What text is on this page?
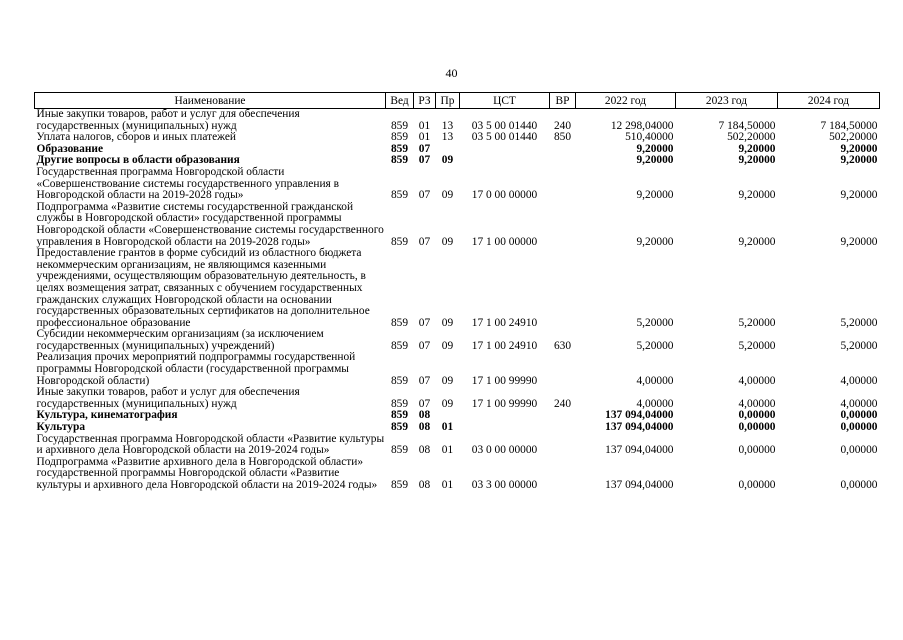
40
Наименование	Вед	РЗ	Пр	ЦСТ	ВР	2022 год	2023 год	2024 год
Иные закупки товаров, работ и услуг для обеспечения государственных (муниципальных) нужд	859	01	13	03 5 00 01440	240	12 298,04000	7 184,50000	7 184,50000
Уплата налогов, сборов и иных платежей	859	01	13	03 5 00 01440	850	510,40000	502,20000	502,20000
Образование	859	07				9,20000	9,20000	9,20000
Другие вопросы в области образования	859	07	09			9,20000	9,20000	9,20000
Государственная программа Новгородской области «Совершенствование системы государственного управления в Новгородской области на 2019-2028 годы»	859	07	09	17 0 00 00000		9,20000	9,20000	9,20000
Подпрограмма «Развитие системы государственной гражданской службы в Новгородской области» государственной программы Новгородской области «Совершенствование системы государственного управления в Новгородской области на 2019-2028 годы»	859	07	09	17 1 00 00000		9,20000	9,20000	9,20000
Предоставление грантов в форме субсидий из областного бюджета некоммерческим организациям, не являющимся казенными учреждениями, осуществляющим образовательную деятельность, в целях возмещения затрат, связанных с обучением государственных гражданских служащих Новгородской области на основании государственных образовательных сертификатов на дополнительное профессиональное образование	859	07	09	17 1 00 24910		5,20000	5,20000	5,20000
Субсидии некоммерческим организациям (за исключением государственных (муниципальных) учреждений)	859	07	09	17 1 00 24910	630	5,20000	5,20000	5,20000
Реализация прочих мероприятий подпрограммы государственной программы Новгородской области (государственной программы Новгородской области)	859	07	09	17 1 00 99990		4,00000	4,00000	4,00000
Иные закупки товаров, работ и услуг для обеспечения государственных (муниципальных) нужд	859	07	09	17 1 00 99990	240	4,00000	4,00000	4,00000
Культура, кинематография	859	08				137 094,04000	0,00000	0,00000
Культура	859	08	01			137 094,04000	0,00000	0,00000
Государственная программа Новгородской области «Развитие культуры и архивного дела Новгородской области на 2019-2024 годы»	859	08	01	03 0 00 00000		137 094,04000	0,00000	0,00000
Подпрограмма «Развитие архивного дела в Новгородской области» государственной программы Новгородской области «Развитие культуры и архивного дела Новгородской области на 2019-2024 годы»	859	08	01	03 3 00 00000		137 094,04000	0,00000	0,00000
